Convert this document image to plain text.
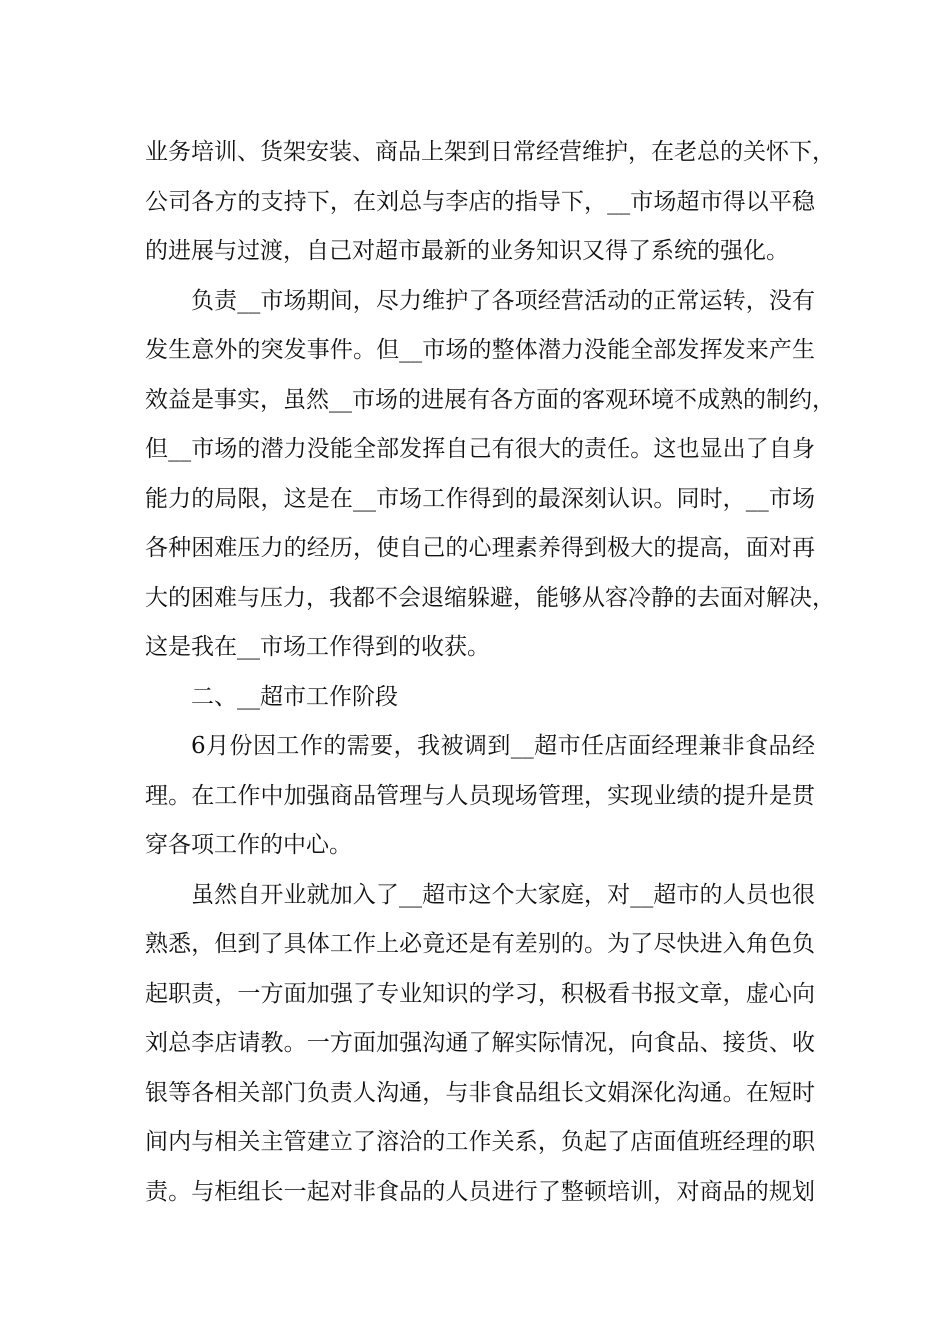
业务培训、货架安装、商品上架到日常经营维护，在老总的关怀下，
公司各方的支持下，在刘总与李店的指导下，__市场超市得以平稳
的进展与过渡，自己对超市最新的业务知识又得了系统的强化。
负责__市场期间，尽力维护了各项经营活动的正常运转，没有
发生意外的突发事件。但__市场的整体潜力没能全部发挥发来产生
效益是事实，虽然__市场的进展有各方面的客观环境不成熟的制约，
但__市场的潜力没能全部发挥自己有很大的责任。这也显出了自身
能力的局限，这是在__市场工作得到的最深刻认识。同时，__市场
各种困难压力的经历，使自己的心理素养得到极大的提高，面对再
大的困难与压力，我都不会退缩躲避，能够从容冷静的去面对解决，
这是我在__市场工作得到的收获。
二、__超市工作阶段
6月份因工作的需要，我被调到__超市任店面经理兼非食品经
理。在工作中加强商品管理与人员现场管理，实现业绩的提升是贯
穿各项工作的中心。
虽然自开业就加入了__超市这个大家庭，对__超市的人员也很
熟悉，但到了具体工作上必竟还是有差别的。为了尽快进入角色负
起职责，一方面加强了专业知识的学习，积极看书报文章，虚心向
刘总李店请教。一方面加强沟通了解实际情况，向食品、接货、收
银等各相关部门负责人沟通，与非食品组长文娟深化沟通。在短时
间内与相关主管建立了溶洽的工作关系，负起了店面值班经理的职
责。与柜组长一起对非食品的人员进行了整顿培训，对商品的规划
